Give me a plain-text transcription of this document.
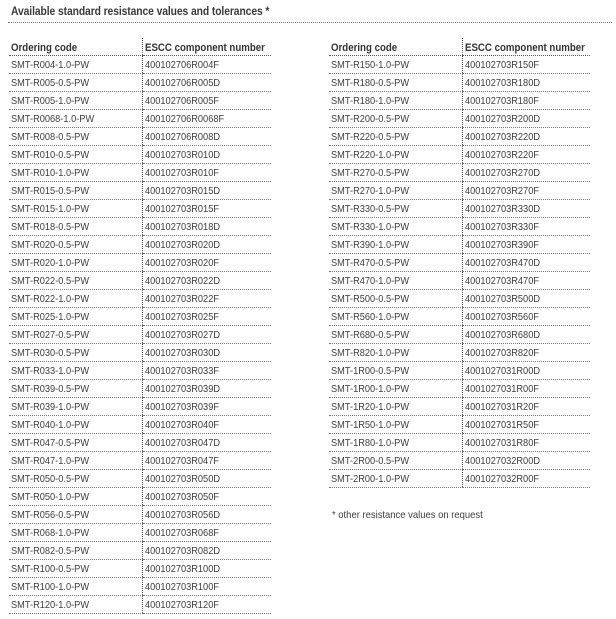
Available standard resistance values and tolerances *
Ordering code	ESCC component number
SMT-R004-1.0-PW	400102706R004F
SMT-R005-0.5-PW	400102706R005D
SMT-R005-1.0-PW	400102706R005F
SMT-R0068-1.0-PW	400102706R0068F
SMT-R008-0.5-PW	400102706R008D
SMT-R010-0.5-PW	400102703R010D
SMT-R010-1.0-PW	400102703R010F
SMT-R015-0.5-PW	400102703R015D
SMT-R015-1.0-PW	400102703R015F
SMT-R018-0.5-PW	400102703R018D
SMT-R020-0.5-PW	400102703R020D
SMT-R020-1.0-PW	400102703R020F
SMT-R022-0.5-PW	400102703R022D
SMT-R022-1.0-PW	400102703R022F
SMT-R025-1.0-PW	400102703R025F
SMT-R027-0.5-PW	400102703R027D
SMT-R030-0.5-PW	400102703R030D
SMT-R033-1.0-PW	400102703R033F
SMT-R039-0.5-PW	400102703R039D
SMT-R039-1.0-PW	400102703R039F
SMT-R040-1.0-PW	400102703R040F
SMT-R047-0.5-PW	400102703R047D
SMT-R047-1.0-PW	400102703R047F
SMT-R050-0.5-PW	400102703R050D
SMT-R050-1.0-PW	400102703R050F
SMT-R056-0.5-PW	400102703R056D
SMT-R068-1.0-PW	400102703R068F
SMT-R082-0.5-PW	400102703R082D
SMT-R100-0.5-PW	400102703R100D
SMT-R100-1.0-PW	400102703R100F
SMT-R120-1.0-PW	400102703R120F
Ordering code	ESCC component number
SMT-R150-1.0-PW	400102703R150F
SMT-R180-0.5-PW	400102703R180D
SMT-R180-1.0-PW	400102703R180F
SMT-R200-0.5-PW	400102703R200D
SMT-R220-0.5-PW	400102703R220D
SMT-R220-1.0-PW	400102703R220F
SMT-R270-0.5-PW	400102703R270D
SMT-R270-1.0-PW	400102703R270F
SMT-R330-0.5-PW	400102703R330D
SMT-R330-1.0-PW	400102703R330F
SMT-R390-1.0-PW	400102703R390F
SMT-R470-0.5-PW	400102703R470D
SMT-R470-1.0-PW	400102703R470F
SMT-R500-0.5-PW	400102703R500D
SMT-R560-1.0-PW	400102703R560F
SMT-R680-0.5-PW	400102703R680D
SMT-R820-1.0-PW	400102703R820F
SMT-1R00-0.5-PW	4001027031R00D
SMT-1R00-1.0-PW	4001027031R00F
SMT-1R20-1.0-PW	4001027031R20F
SMT-1R50-1.0-PW	4001027031R50F
SMT-1R80-1.0-PW	4001027031R80F
SMT-2R00-0.5-PW	4001027032R00D
SMT-2R00-1.0-PW	4001027032R00F
* other resistance values on request
